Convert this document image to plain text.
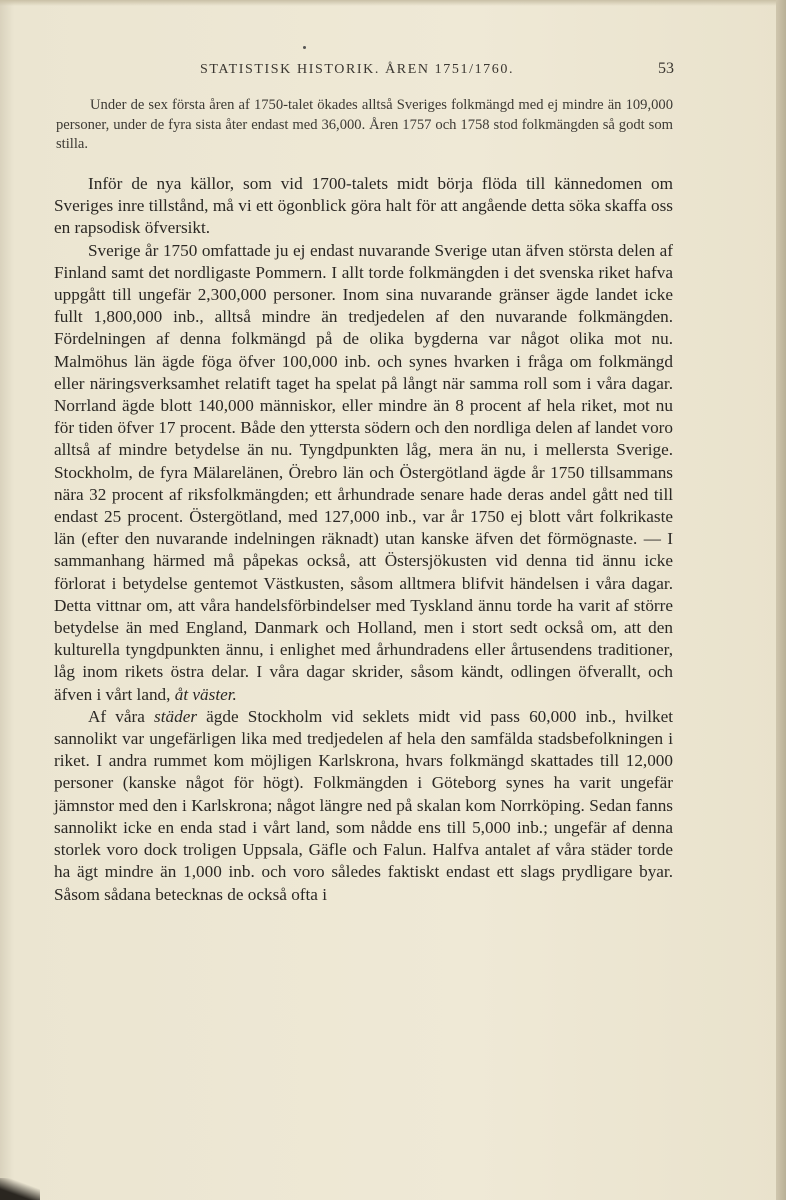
STATISTISK HISTORIK. ÅREN 1751/1760.	53
Under de sex första åren af 1750-talet ökades alltså Sveriges folkmängd med ej mindre än 109,000 personer, under de fyra sista åter endast med 36,000. Åren 1757 och 1758 stod folkmängden så godt som stilla.

Inför de nya källor, som vid 1700-talets midt börja flöda till kännedomen om Sveriges inre tillstånd, må vi ett ögonblick göra halt för att angående detta söka skaffa oss en rapsodisk öfversikt.

Sverige år 1750 omfattade ju ej endast nuvarande Sverige utan äfven största delen af Finland samt det nordligaste Pommern. I allt torde folkmängden i det svenska riket hafva uppgått till ungefär 2,300,000 personer. Inom sina nuvarande gränser ägde landet icke fullt 1,800,000 inb., alltså mindre än tredjedelen af den nuvarande folkmängden. Fördelningen af denna folkmängd på de olika bygderna var något olika mot nu. Malmöhus län ägde föga öfver 100,000 inb. och synes hvarken i fråga om folkmängd eller näringsverksamhet relatift taget ha spelat på långt när samma roll som i våra dagar. Norrland ägde blott 140,000 människor, eller mindre än 8 procent af hela riket, mot nu för tiden öfver 17 procent. Både den yttersta södern och den nordliga delen af landet voro alltså af mindre betydelse än nu. Tyngdpunkten låg, mera än nu, i mellersta Sverige. Stockholm, de fyra Mälarelänen, Örebro län och Östergötland ägde år 1750 tillsammans nära 32 procent af riksfolkmängden; ett århundrade senare hade deras andel gått ned till endast 25 procent. Östergötland, med 127,000 inb., var år 1750 ej blott vårt folkrikaste län (efter den nuvarande indelningen räknadt) utan kanske äfven det förmögnaste. — I sammanhang härmed må påpekas också, att Östersjökusten vid denna tid ännu icke förlorat i betydelse gentemot Västkusten, såsom alltmera blifvit händelsen i våra dagar. Detta vittnar om, att våra handelsförbindelser med Tyskland ännu torde ha varit af större betydelse än med England, Danmark och Holland, men i stort sedt också om, att den kulturella tyngdpunkten ännu, i enlighet med århundradens eller årtusendens traditioner, låg inom rikets östra delar. I våra dagar skrider, såsom kändt, odlingen öfverallt, och äfven i vårt land, åt väster.

Af våra städer ägde Stockholm vid seklets midt vid pass 60,000 inb., hvilket sannolikt var ungefärligen lika med tredjedelen af hela den samfälda stadsbefolkningen i riket. I andra rummet kom möjligen Karlskrona, hvars folkmängd skattades till 12,000 personer (kanske något för högt). Folkmängden i Göteborg synes ha varit ungefär jämnstor med den i Karlskrona; något längre ned på skalan kom Norrköping. Sedan fanns sannolikt icke en enda stad i vårt land, som nådde ens till 5,000 inb.; ungefär af denna storlek voro dock troligen Uppsala, Gäfle och Falun. Halfva antalet af våra städer torde ha ägt mindre än 1,000 inb. och voro således faktiskt endast ett slags prydligare byar. Såsom sådana betecknas de också ofta i
